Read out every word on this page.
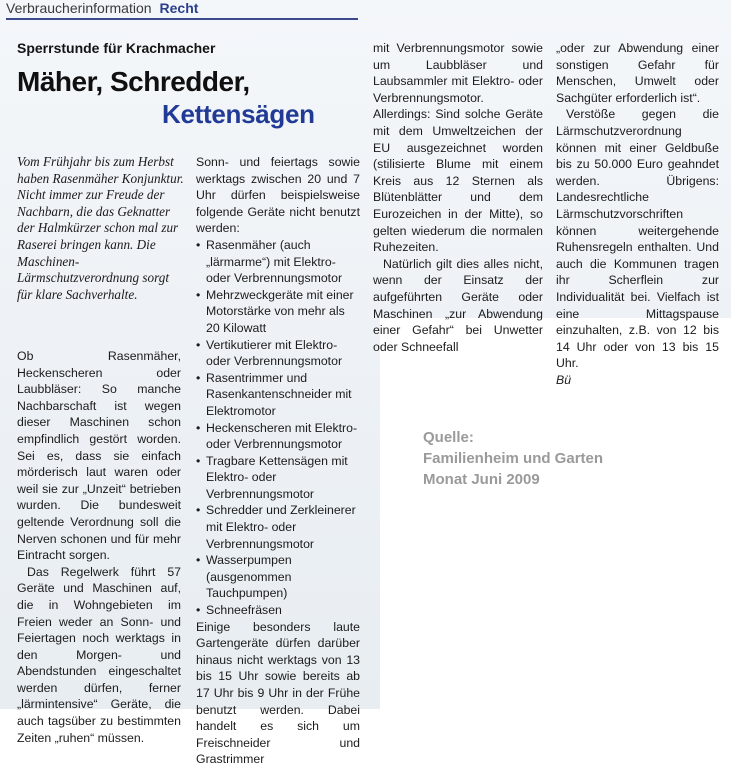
Verbraucherinformation Recht
Sperrstunde für Krachmacher
Mäher, Schredder,
Kettensägen

Vom Frühjahr bis zum Herbst haben Rasenmäher Konjunktur. Nicht immer zur Freude der Nachbarn, die das Geknatter der Halmkürzer schon mal zur Raserei bringen kann. Die Maschinen-Lärmschutzverordnung sorgt für klare Sachverhalte.

Ob Rasenmäher, Heckenscheren oder Laubbläser: So manche Nachbarschaft ist wegen dieser Maschinen schon empfindlich gestört worden. Sei es, dass sie einfach mörderisch laut waren oder weil sie zur „Unzeit“ betrieben wurden. Die bundesweit geltende Verordnung soll die Nerven schonen und für mehr Eintracht sorgen.

Das Regelwerk führt 57 Geräte und Maschinen auf, die in Wohngebieten im Freien weder an Sonn- und Feiertagen noch werktags in den Morgen- und Abendstunden eingeschaltet werden dürfen, ferner „lärmintensive“ Geräte, die auch tagsüber zu bestimmten Zeiten „ruhen“ müssen.

Sonn- und feiertags sowie werktags zwischen 20 und 7 Uhr dürfen beispielsweise folgende Geräte nicht benutzt werden:

• Rasenmäher (auch „lärmarme“) mit Elektro- oder Verbrennungsmotor
• Mehrzweckgeräte mit einer Motorstärke von mehr als 20 Kilowatt
• Vertikutierer mit Elektro- oder Verbrennungsmotor
• Rasentrimmer und Rasenkantenschneider mit Elektromotor
• Heckenscheren mit Elektro- oder Verbrennungsmotor
• Tragbare Kettensägen mit Elektro- oder Verbrennungsmotor
• Schredder und Zerkleinerer mit Elektro- oder Verbrennungsmotor
• Wasserpumpen (ausgenommen Tauchpumpen)
• Schneefräsen

Einige besonders laute Gartengeräte dürfen darüber hinaus nicht werktags von 13 bis 15 Uhr sowie bereits ab 17 Uhr bis 9 Uhr in der Frühe benutzt werden. Dabei handelt es sich um Freischneider und Grastrimmer

mit Verbrennungsmotor sowie um Laubbläser und Laubsammler mit Elektro- oder Verbrennungsmotor. Allerdings: Sind solche Geräte mit dem Umweltzeichen der EU ausgezeichnet worden (stilisierte Blume mit einem Kreis aus 12 Sternen als Blütenblätter und dem Eurozeichen in der Mitte), so gelten wiederum die normalen Ruhezeiten.

Natürlich gilt dies alles nicht, wenn der Einsatz der aufgeführten Geräte oder Maschinen „zur Abwendung einer Gefahr“ bei Unwetter oder Schneefall

„oder zur Abwendung einer sonstigen Gefahr für Menschen, Umwelt oder Sachgüter erforderlich ist“.

Verstöße gegen die Lärmschutzverordnung können mit einer Geldbuße bis zu 50.000 Euro geahndet werden. Übrigens: Landesrechtliche Lärmschutzvorschriften können weitergehende Ruhensregeln enthalten. Und auch die Kommunen tragen ihr Scherflein zur Individualität bei. Vielfach ist eine Mittagspause einzuhalten, z.B. von 12 bis 14 Uhr oder von 13 bis 15 Uhr.

Bü

Quelle:
Familienheim und Garten
Monat Juni 2009
